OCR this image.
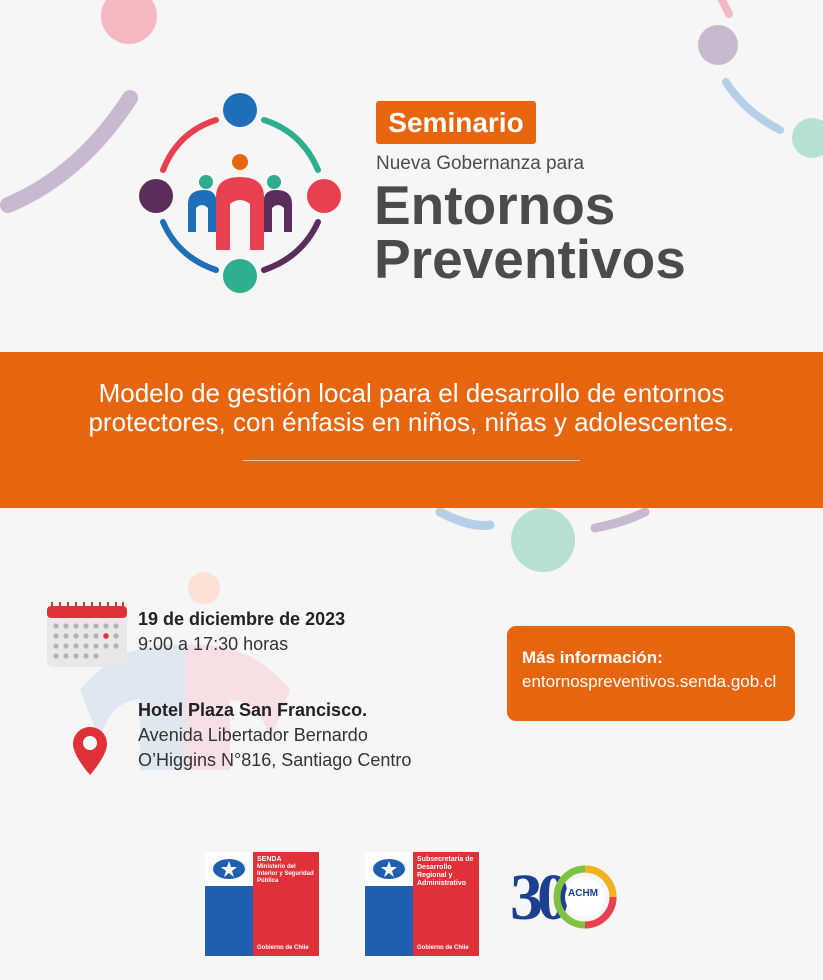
Seminario
Nueva Gobernanza para
Entornos
Preventivos
Modelo de gestión local para el desarrollo de entornos
protectores, con énfasis en niños, niñas y adolescentes.
19 de diciembre de 2023
9:00 a 17:30 horas
Hotel Plaza San Francisco.
Avenida Libertador Bernardo
O’Higgins N°816, Santiago Centro
Más información:
entornospreventivos.senda.gob.cl
SENDA
Ministerio del Interior y Seguridad Pública
Gobierno de Chile
Subsecretaría de Desarrollo Regional y Administrativo
Gobierno de Chile
30 ACHM
